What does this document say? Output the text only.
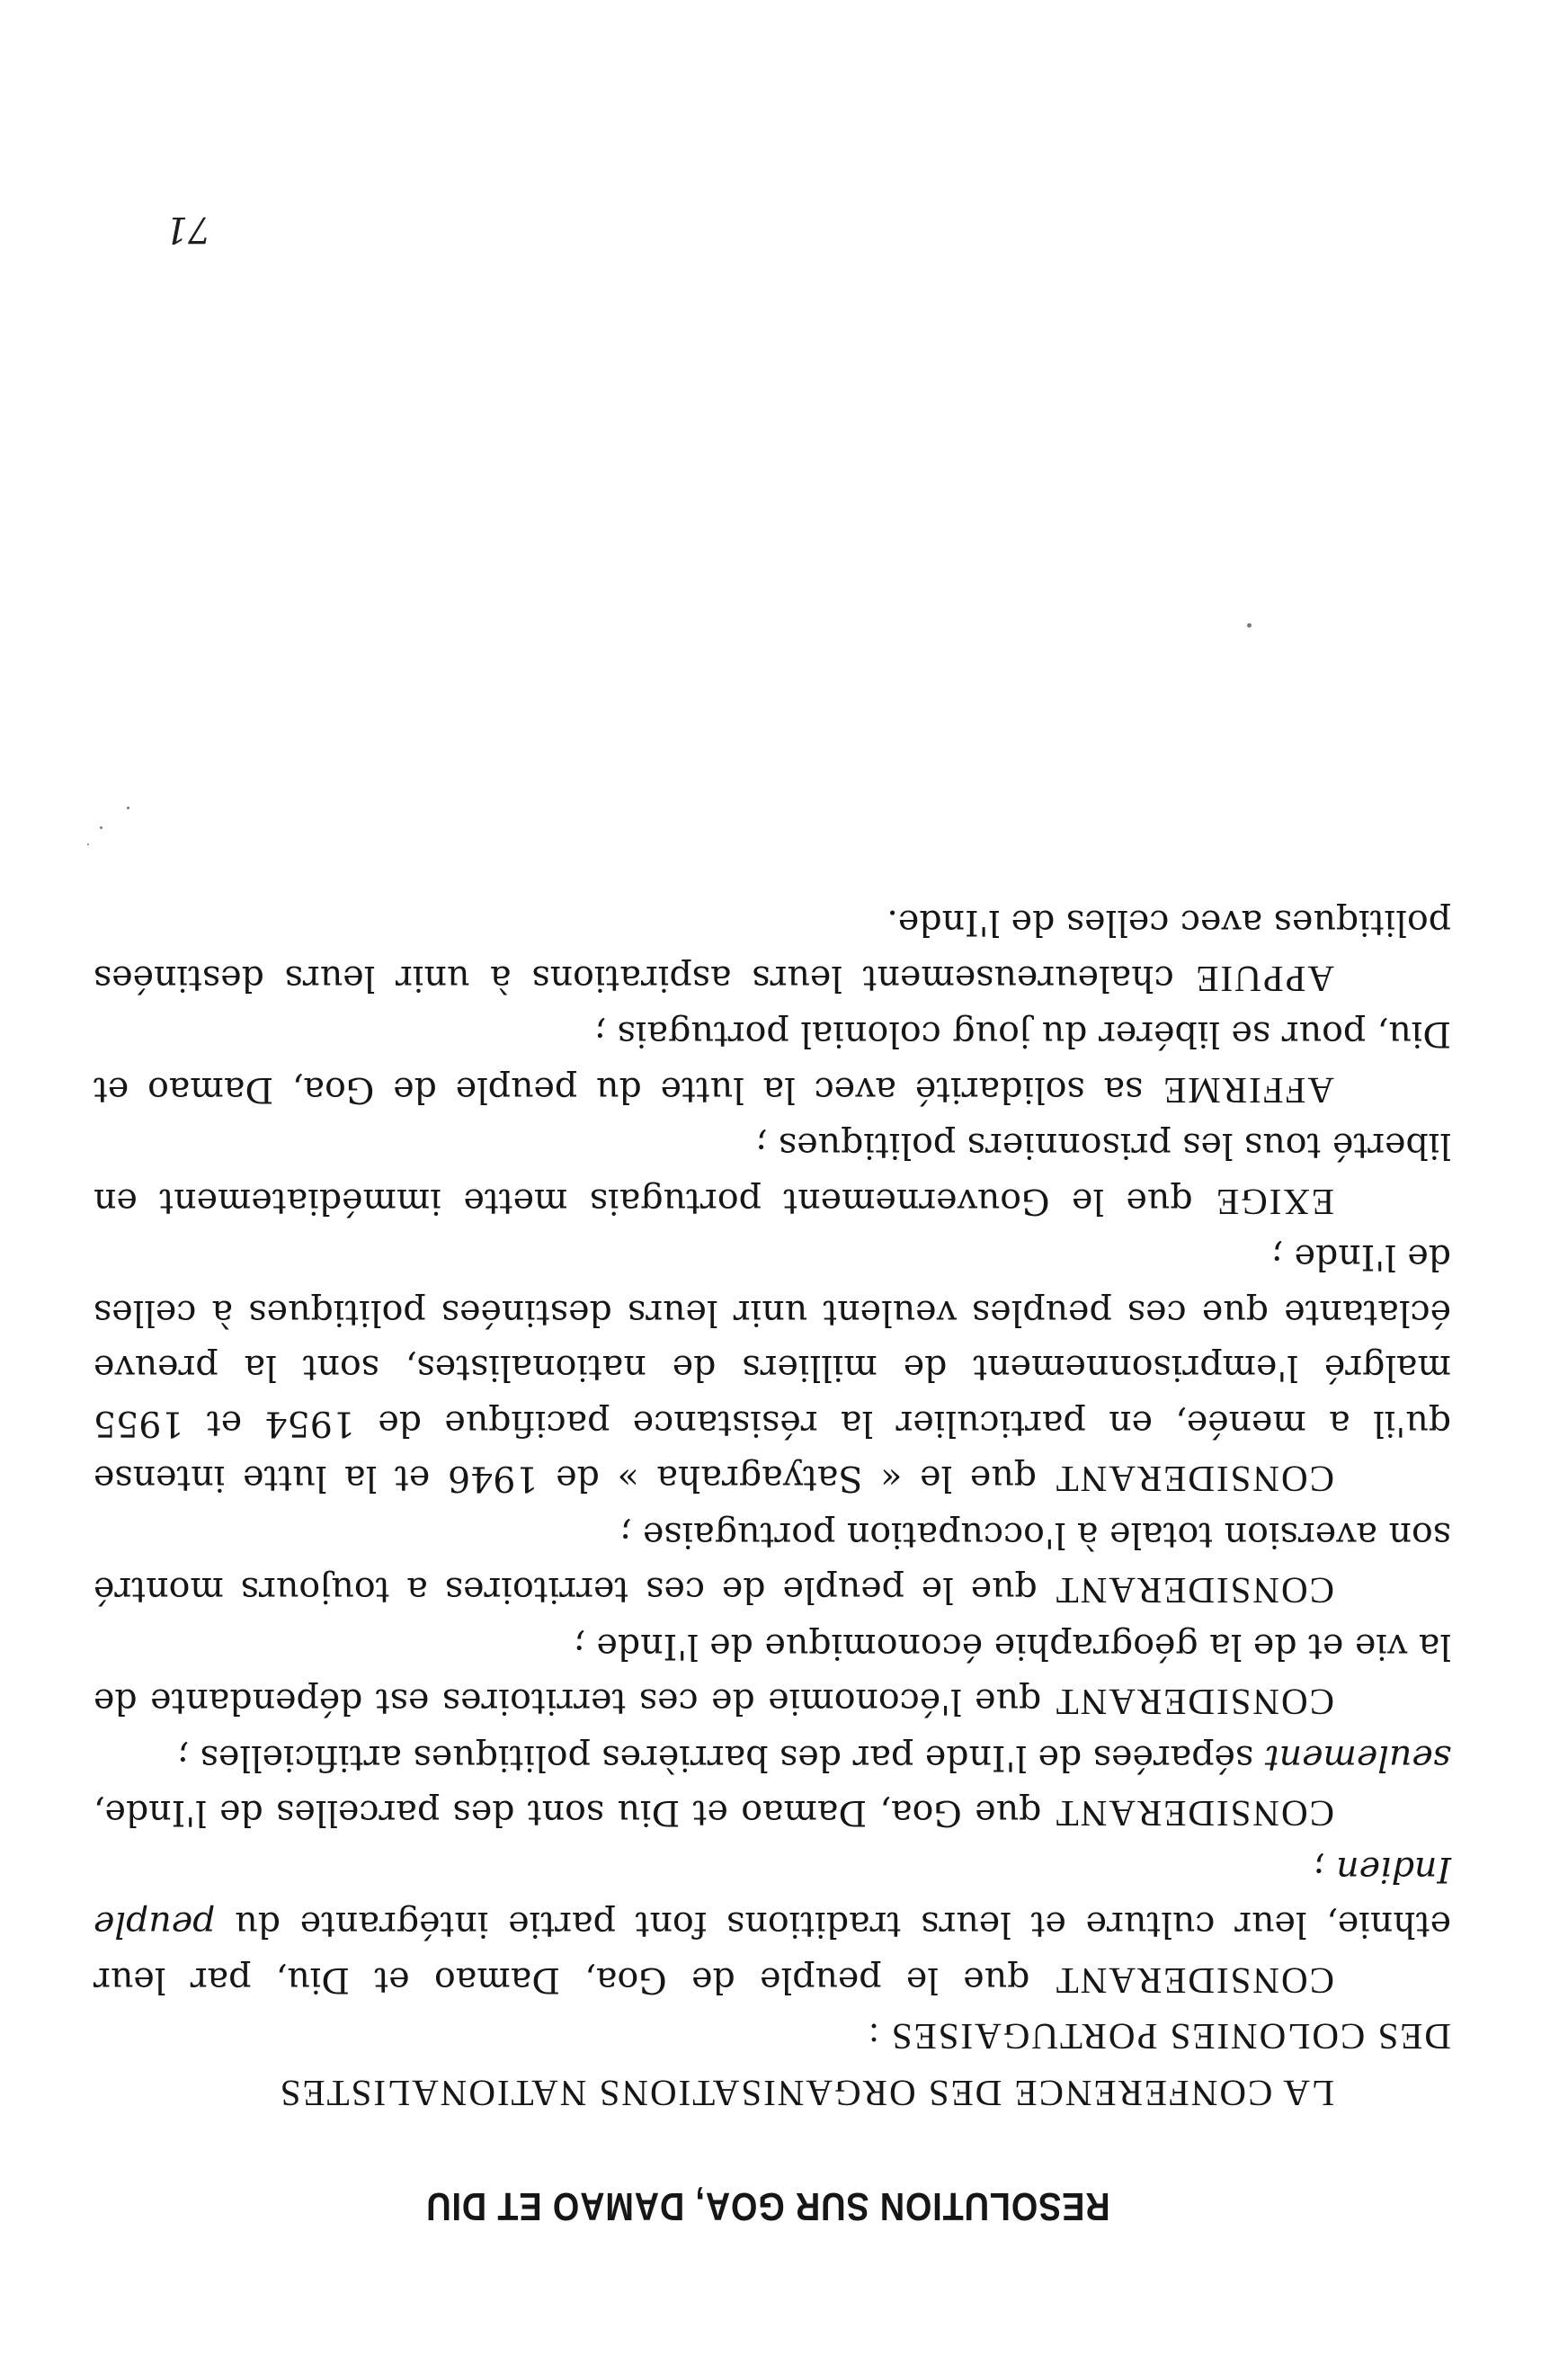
71
RESOLUTION SUR GOA, DAMAO ET DIU

LA CONFERENCE DES ORGANISATIONS NATIONALISTES
DES COLONIES PORTUGAISES :

CONSIDERANT que le peuple de Goa, Damao et Diu, par leur ethnie, leur culture et leurs traditions font partie intégrante du peuple Indien ;

CONSIDERANT que Goa, Damao et Diu sont des parcelles de l'Inde, seulement séparées de l'Inde par des barrières politiques artificielles ;

CONSIDERANT que l'économie de ces territoires est dépendante de la vie et de la géographie économique de l'Inde ;

CONSIDERANT que le peuple de ces territoires a toujours montré son aversion totale à l'occupation portugaise ;

CONSIDERANT que le « Satyagraha » de 1946 et la lutte intense qu'il a menée, en particulier la résistance pacifique de 1954 et 1955 malgré l'emprisonnement de milliers de nationalistes, sont la preuve éclatante que ces peuples veulent unir leurs destinées politiques à celles de l'Inde ;

EXIGE que le Gouvernement portugais mette immédiatement en liberté tous les prisonniers politiques ;

AFFIRME sa solidarité avec la lutte du peuple de Goa, Damao et Diu, pour se libérer du joug colonial portugais ;

APPUIE chaleureusement leurs aspirations à unir leurs destinées politiques avec celles de l'Inde.
